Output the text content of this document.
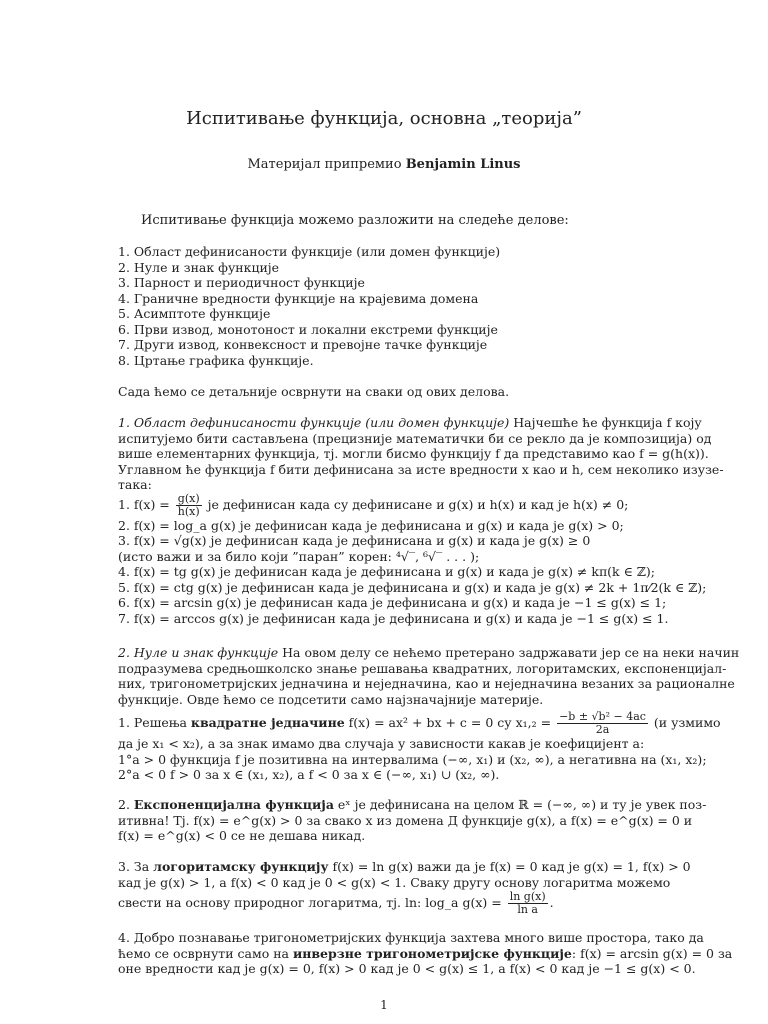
Испитивање функција, основна „теорија”
Материјал припремио Benjamin Linus
Испитивање функција можемо разложити на следеће делове:
1. Област дефинисаности функције (или домен функције)
2. Нуле и знак функције
3. Парност и периодичност функције
4. Граничне вредности функције на крајевима домена
5. Асимптоте функције
6. Први извод, монотоност и локални екстреми функције
7. Други извод, конвексност и превојне тачке функције
8. Цртање графика функције.
Сада ћемо се детаљније осврнути на сваки од ових делова.
1. Област дефинисаности функције (или домен функције) Најчешће ће функција f коју
испитујемо бити састављена (прецизније математички би се рекло да је композиција) од
више елементарних функција, тј. могли бисмо функцију f да представимо као f = g(h(x)).
Углавном ће функција f бити дефинисана за исте вредности x као и h, сем неколико изузе-
така:
1. $f(x) = \frac{g(x)}{h(x)}$ је дефинисан када су дефинисане и g(x) и h(x) и кад је h(x) ≠ 0;
2. f(x) = log_a g(x) је дефинисан када је дефинисана и g(x) и када је g(x) > 0;
3. f(x) = √g(x) је дефинисан када је дефинисана и g(x) и када је g(x) ≥ 0
(исто важи и за било који ”паран” корен: ⁴√‾, ⁶√‾ . . . );
4. f(x) = tg g(x) је дефинисан када је дефинисана и g(x) и када је g(x) ≠ kπ(k ∈ ℤ);
5. f(x) = ctg g(x) је дефинисан када је дефинисана и g(x) и када је g(x) ≠ 2k + 1π⁄2(k ∈ ℤ);
6. f(x) = arcsin g(x) је дефинисан када је дефинисана и g(x) и када је −1 ≤ g(x) ≤ 1;
7. f(x) = arccos g(x) је дефинисан када је дефинисана и g(x) и када је −1 ≤ g(x) ≤ 1.
2. Нуле и знак функције На овом делу се нећемо претерано задржавати јер се на неки начин
подразумева средњошколско знање решавања квадратних, логоритамских, експоненцијал-
них, тригонометријских једначина и неједначина, као и неједначина везаних за рационалне
функције. Овде ћемо се подсетити само најзначајније материје.
1. Решења квадратне једначине f(x) = ax² + bx + c = 0 су $x_1,_2 = \frac{\text{−b ± √b² − 4ac}}{2a} (и$ узмимо
да је x₁ < x₂), а за знак имамо два случаја у зависности какав је коефицијент a:
1°a > 0 функција f је позитивна на интервалима (−∞, x₁) и (x₂, ∞), а негативна на (x₁, x₂);
2°a < 0 f > 0 за x ∈ (x₁, x₂), а f < 0 за x ∈ (−∞, x₁) ∪ (x₂, ∞).
2. Експоненцијална функција eˣ је дефинисана на целом ℝ = (−∞, ∞) и ту је увек поз-
итивна! Тј. f(x) = e^g(x) > 0 за свако x из домена Д функције g(x), а f(x) = e^g(x) = 0 и
f(x) = e^g(x) < 0 се не дешава никад.
3. За логоритамску функцију f(x) = ln g(x) важи да је f(x) = 0 кад је g(x) = 1, f(x) > 0
кад је g(x) > 1, а f(x) < 0 кад је 0 < g(x) < 1. Сваку другу основу логаритма можемо
свести на основу природног логаритма, тј. ln: log_a $g(x) = \frac{\text{ln g(x)}}{\text{ln a}}$ .
4. Добро познавање тригонометријских функција захтева много више простора, тако да
ћемо се осврнути само на инверзне тригонометријске функције: f(x) = arcsin g(x) = 0 за
оне вредности кад је g(x) = 0, f(x) > 0 кад је 0 < g(x) ≤ 1, а f(x) < 0 кад је −1 ≤ g(x) < 0.
1
